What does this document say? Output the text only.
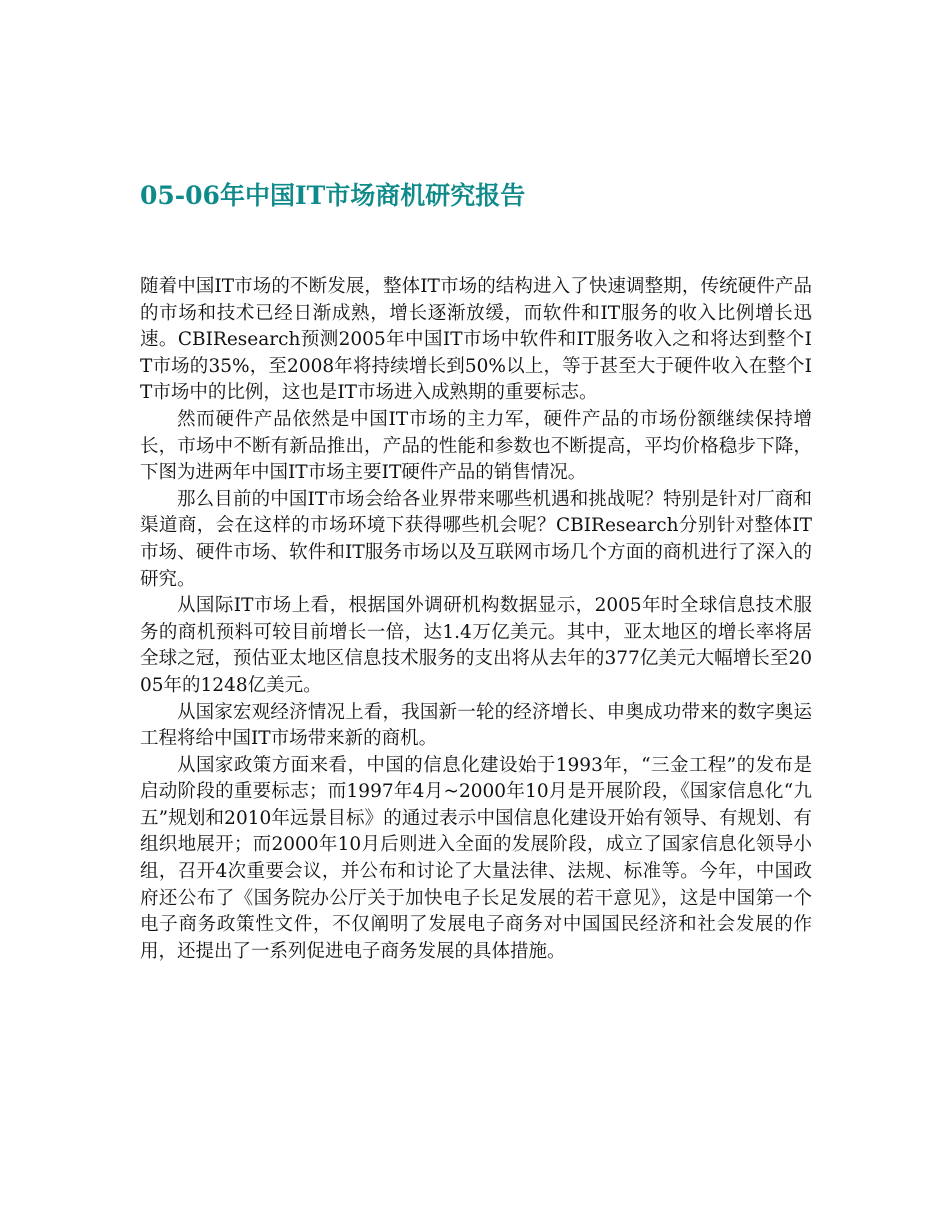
05-06年中国IT市场商机研究报告

随着中国IT市场的不断发展，整体IT市场的结构进入了快速调整期，传统硬件产品的市场和技术已经日渐成熟，增长逐渐放缓，而软件和IT服务的收入比例增长迅速。CBIResearch预测2005年中国IT市场中软件和IT服务收入之和将达到整个IT市场的35%，至2008年将持续增长到50%以上，等于甚至大于硬件收入在整个IT市场中的比例，这也是IT市场进入成熟期的重要标志。

然而硬件产品依然是中国IT市场的主力军，硬件产品的市场份额继续保持增长，市场中不断有新品推出，产品的性能和参数也不断提高，平均价格稳步下降，下图为进两年中国IT市场主要IT硬件产品的销售情况。

那么目前的中国IT市场会给各业界带来哪些机遇和挑战呢？特别是针对厂商和渠道商，会在这样的市场环境下获得哪些机会呢？CBIResearch分别针对整体IT市场、硬件市场、软件和IT服务市场以及互联网市场几个方面的商机进行了深入的研究。

从国际IT市场上看，根据国外调研机构数据显示，2005年时全球信息技术服务的商机预料可较目前增长一倍，达1.4万亿美元。其中，亚太地区的增长率将居全球之冠，预估亚太地区信息技术服务的支出将从去年的377亿美元大幅增长至2005年的1248亿美元。

从国家宏观经济情况上看，我国新一轮的经济增长、申奥成功带来的数字奥运工程将给中国IT市场带来新的商机。

从国家政策方面来看，中国的信息化建设始于1993年，“三金工程”的发布是启动阶段的重要标志；而1997年4月~2000年10月是开展阶段，《国家信息化“九五”规划和2010年远景目标》的通过表示中国信息化建设开始有领导、有规划、有组织地展开；而2000年10月后则进入全面的发展阶段，成立了国家信息化领导小组，召开4次重要会议，并公布和讨论了大量法律、法规、标准等。今年，中国政府还公布了《国务院办公厅关于加快电子长足发展的若干意见》，这是中国第一个电子商务政策性文件，不仅阐明了发展电子商务对中国国民经济和社会发展的作用，还提出了一系列促进电子商务发展的具体措施。
